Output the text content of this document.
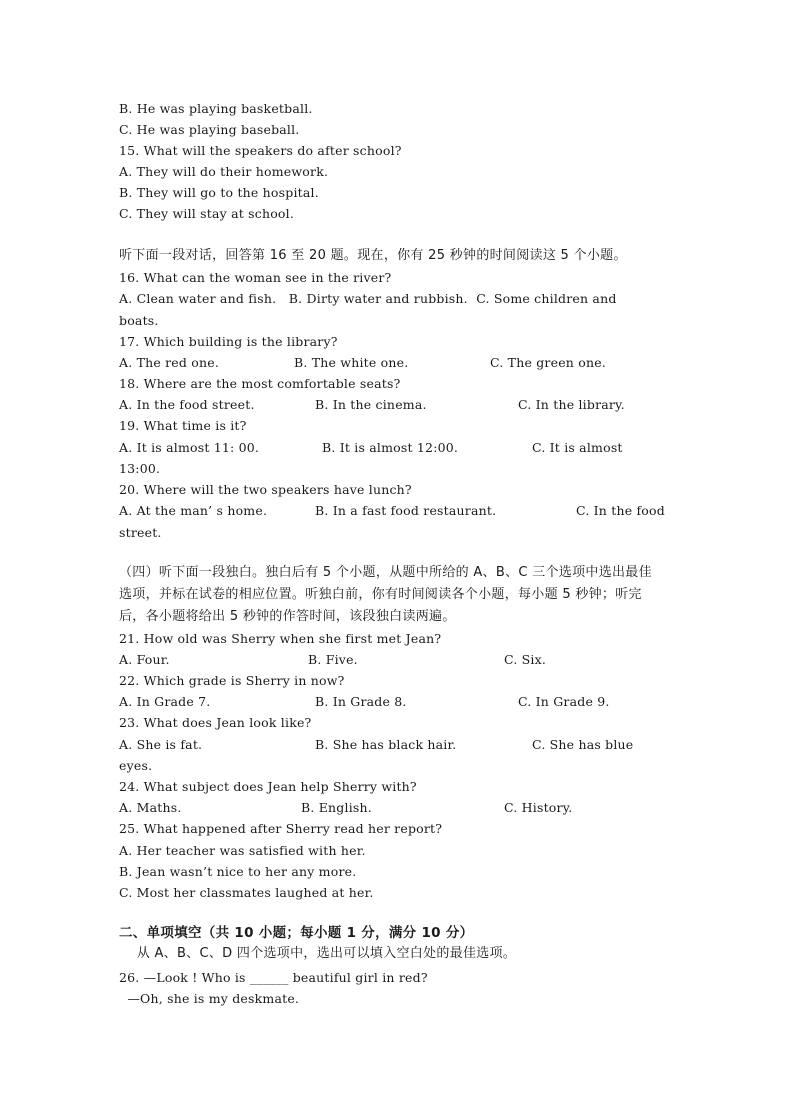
B. He was playing basketball.
C. He was playing baseball.
15. What will the speakers do after school?
A. They will do their homework.
B. They will go to the hospital.
C. They will stay at school.
听下面一段对话，回答第 16 至 20 题。现在，你有 25 秒钟的时间阅读这 5 个小题。
16. What can the woman see in the river?
A. Clean water and fish.   B. Dirty water and rubbish.  C. Some children and
boats.
17. Which building is the library?
A. The red one.	B. The white one.	C. The green one.
18. Where are the most comfortable seats?
A. In the food street.	B. In the cinema.	C. In the library.
19. What time is it?
A. It is almost 11: 00.	B. It is almost 12:00.	C. It is almost
13:00.
20. Where will the two speakers have lunch?
A. At the man’ s home.	B. In a fast food restaurant.	C. In the food
street.
（四）听下面一段独白。独白后有 5 个小题，从题中所给的 A、B、C 三个选项中选出最佳
选项，并标在试卷的相应位置。听独白前，你有时间阅读各个小题，每小题 5 秒钟；听完
后，各小题将给出 5 秒钟的作答时间，该段独白读两遍。
21. How old was Sherry when she first met Jean?
A. Four.	B. Five.	C. Six.
22. Which grade is Sherry in now?
A. In Grade 7.	B. In Grade 8.	C. In Grade 9.
23. What does Jean look like?
A. She is fat.	B. She has black hair.	C. She has blue
eyes.
24. What subject does Jean help Sherry with?
A. Maths.	B. English.	C. History.
25. What happened after Sherry read her report?
A. Her teacher was satisfied with her.
B. Jean wasn’t nice to her any more.
C. Most her classmates laughed at her.
二、单项填空（共 10 小题；每小题 1 分，满分 10 分）
从 A、B、C、D 四个选项中，选出可以填入空白处的最佳选项。
26. —Look ! Who is ______ beautiful girl in red?
—Oh, she is my deskmate.
